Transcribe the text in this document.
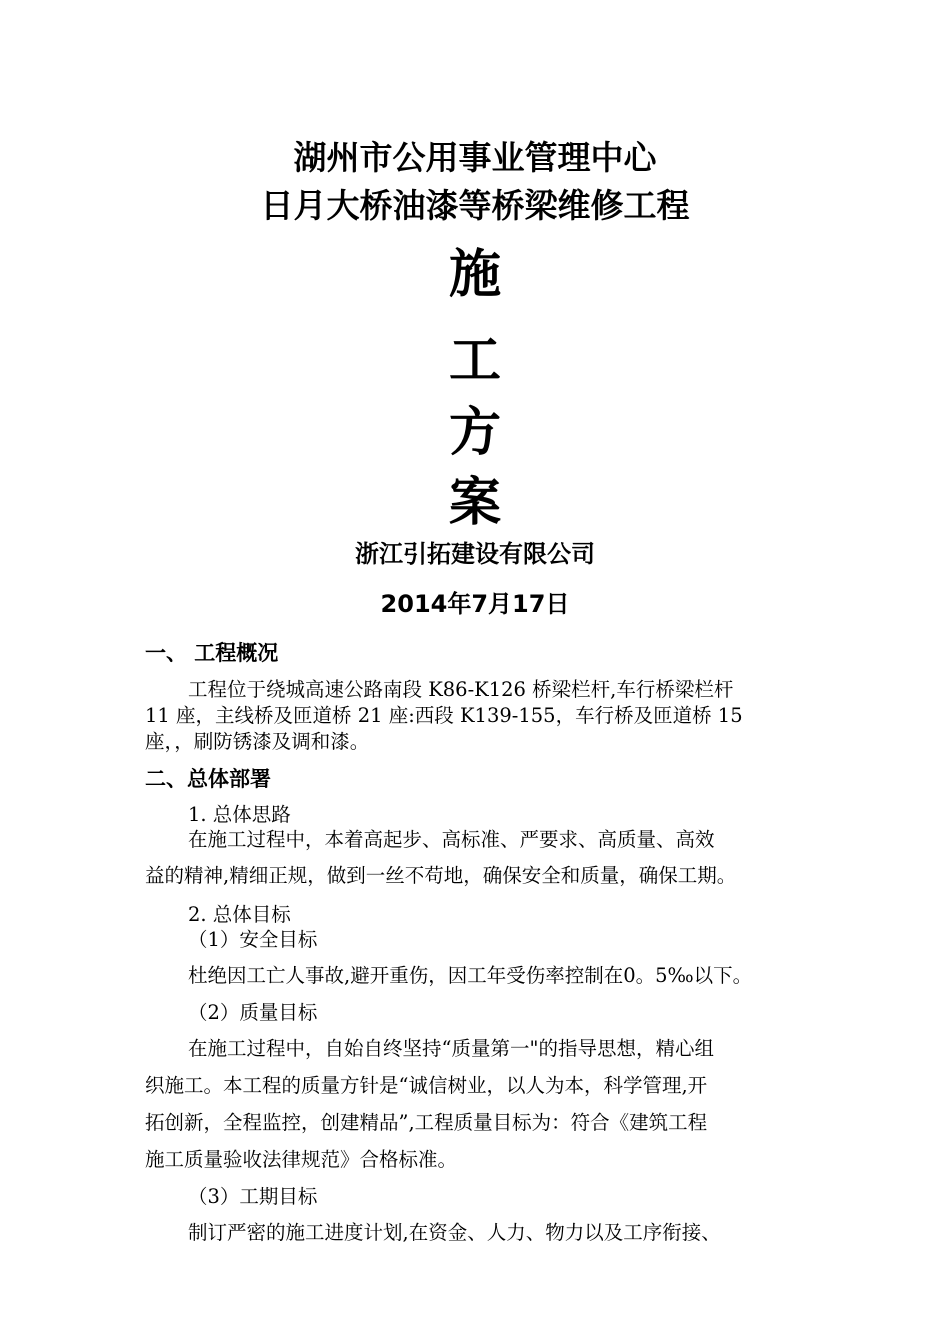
湖州市公用事业管理中心
日月大桥油漆等桥梁维修工程
施
工
方
案
浙江引拓建设有限公司
2014年7月17日
一、 工程概况
工程位于绕城高速公路南段 K86-K126 桥梁栏杆,车行桥梁栏杆
11 座，主线桥及匝道桥 21 座:西段 K139-155，车行桥及匝道桥 15
座，，刷防锈漆及调和漆。
二、总体部署
1. 总体思路
在施工过程中，本着高起步、高标准、严要求、高质量、高效
益的精神,精细正规，做到一丝不苟地，确保安全和质量，确保工期。
2. 总体目标
（1）安全目标
杜绝因工亡人事故,避开重伤，因工年受伤率控制在0。5‰以下。
（2）质量目标
在施工过程中，自始自终坚持“质量第一"的指导思想，精心组
织施工。本工程的质量方针是“诚信树业，以人为本，科学管理,开
拓创新，全程监控，创建精品”,工程质量目标为：符合《建筑工程
施工质量验收法律规范》合格标准。
（3）工期目标
制订严密的施工进度计划,在资金、人力、物力以及工序衔接、
